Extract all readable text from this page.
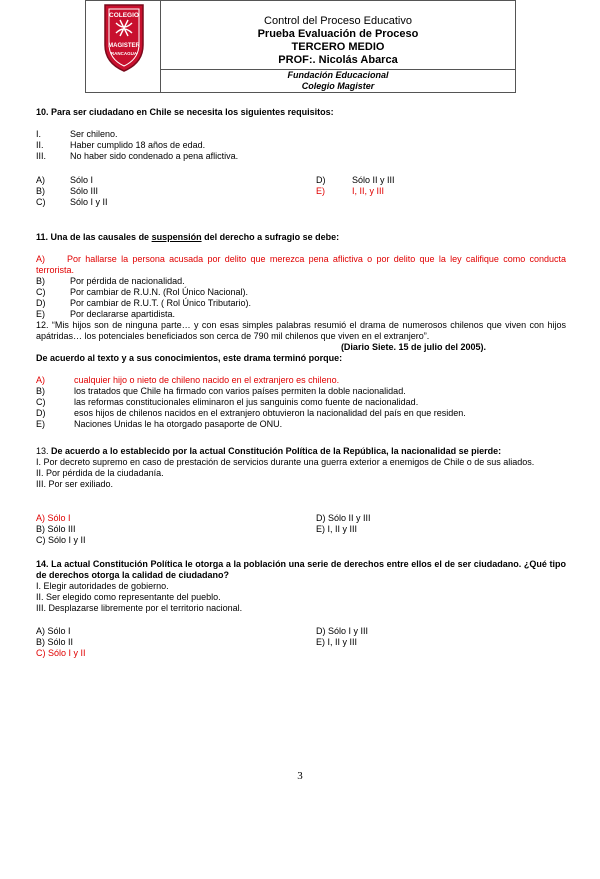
COLEGIO
MAGISTER
RANCAGUA
Control del Proceso Educativo
Prueba Evaluación de Proceso
TERCERO MEDIO
PROF:. Nicolás Abarca
Fundación Educacional
Colegio Magister
10. Para ser ciudadano en Chile se necesita los siguientes requisitos:
I.	Ser chileno.
II.	Haber cumplido 18 años de edad.
III.	No haber sido condenado a pena aflictiva.
A)	Sólo I	D)	Sólo II y III
B)	Sólo III	E)	I, II, y III
C)	Sólo I y II
11. Una de las causales de suspensión del derecho a sufragio se debe:
A) Por hallarse la persona acusada por delito que merezca pena aflictiva o por delito que la ley califique como conducta terrorista.
B)	Por pérdida de nacionalidad.
C)	Por cambiar de R.U.N. (Rol Único Nacional).
D)	Por cambiar de R.U.T. ( Rol Único Tributario).
E)	Por declararse apartidista.
12. “Mis hijos son de ninguna parte… y con esas simples palabras resumió el drama de numerosos chilenos que viven con hijos apátridas… los potenciales beneficiados son cerca de 790 mil chilenos que viven en el extranjero”.
(Diario Siete. 15 de julio del 2005).
De acuerdo al texto y a sus conocimientos, este drama terminó porque:
A)	cualquier hijo o nieto de chileno nacido en el extranjero es chileno.
B)	los tratados que Chile ha firmado con varios países permiten la doble nacionalidad.
C)	las reformas constitucionales eliminaron el jus sanguinis como fuente de nacionalidad.
D)	esos hijos de chilenos nacidos en el extranjero obtuvieron la nacionalidad del país en que residen.
E)	Naciones Unidas le ha otorgado pasaporte de ONU.
13. De acuerdo a lo establecido por la actual Constitución Política de la República, la nacionalidad se pierde:
I. Por decreto supremo en caso de prestación de servicios durante una guerra exterior a enemigos de Chile o de sus aliados.
II. Por pérdida de la ciudadanía.
III. Por ser exiliado.
A) Sólo I	D) Sólo II y III
B) Sólo III	E) I, II y III
C) Sólo I y II
14. La actual Constitución Política le otorga a la población una serie de derechos entre ellos el de ser ciudadano. ¿Qué tipo de derechos otorga la calidad de ciudadano?
I. Elegir autoridades de gobierno.
II. Ser elegido como representante del pueblo.
III. Desplazarse libremente por el territorio nacional.
A) Sólo I	D) Sólo I y III
B) Sólo II	E) I, II y III
C) Sólo I y II
3
